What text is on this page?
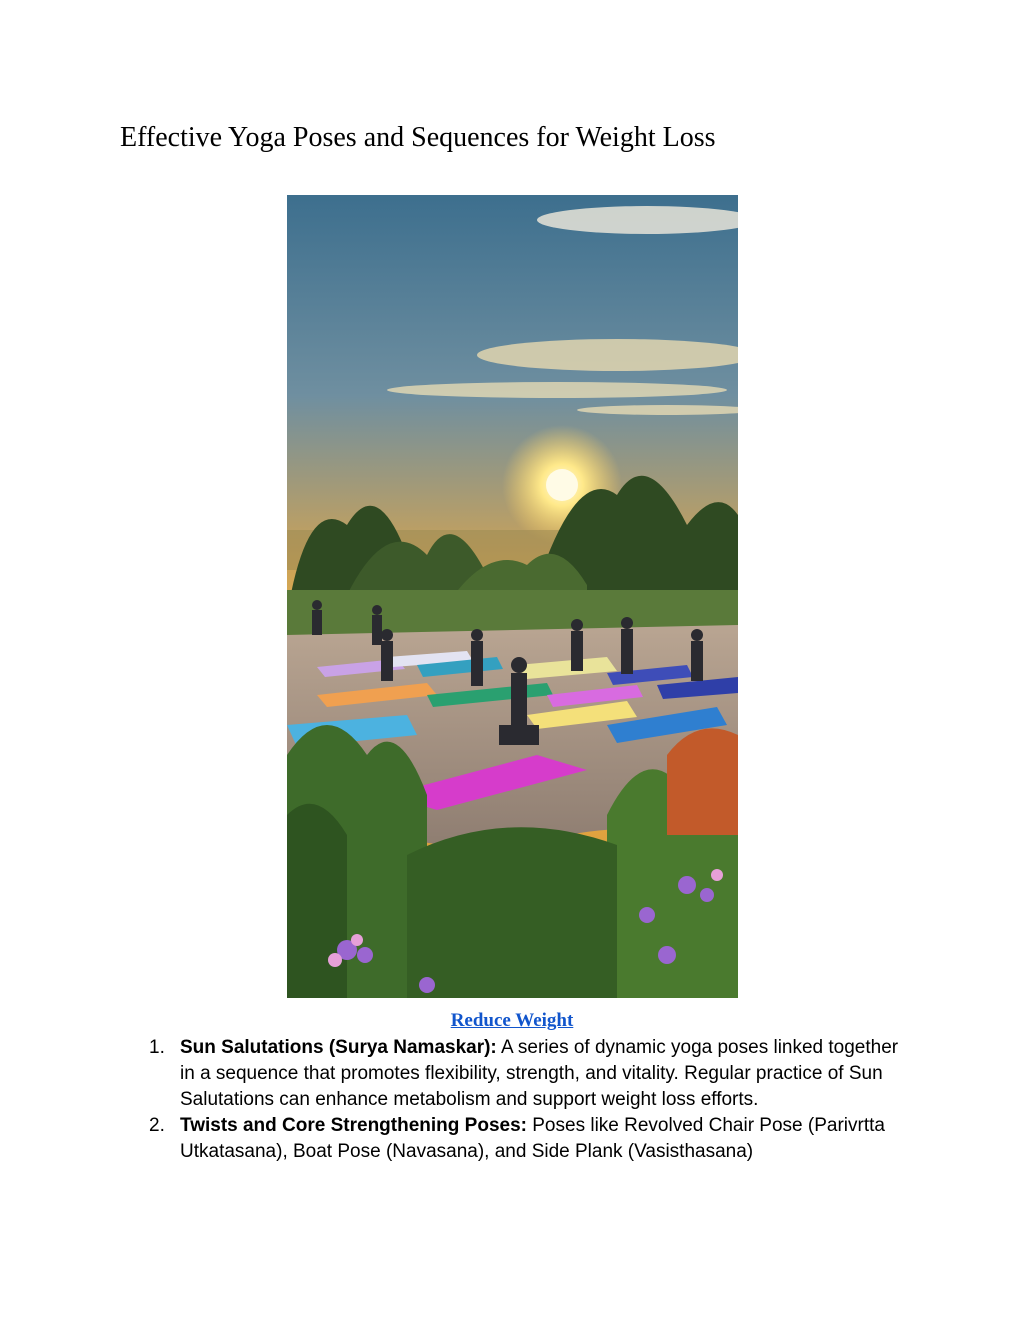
Effective Yoga Poses and Sequences for Weight Loss
Reduce Weight
1. Sun Salutations (Surya Namaskar): A series of dynamic yoga poses linked together in a sequence that promotes flexibility, strength, and vitality. Regular practice of Sun Salutations can enhance metabolism and support weight loss efforts.
2. Twists and Core Strengthening Poses: Poses like Revolved Chair Pose (Parivrtta Utkatasana), Boat Pose (Navasana), and Side Plank (Vasisthasana)
